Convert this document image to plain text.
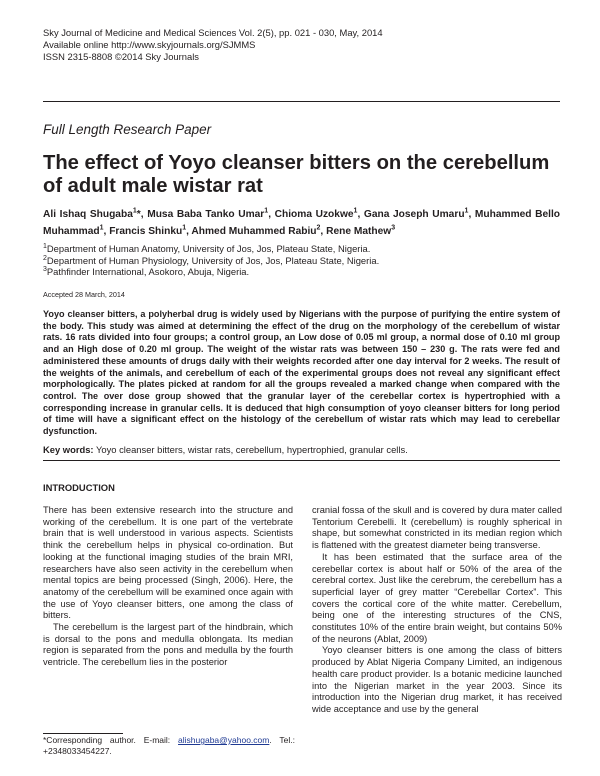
Sky Journal of Medicine and Medical Sciences Vol. 2(5), pp. 021 - 030, May, 2014
Available online http://www.skyjournals.org/SJMMS
ISSN 2315-8808 ©2014 Sky Journals
Full Length Research Paper
The effect of Yoyo cleanser bitters on the cerebellum of adult male wistar rat
Ali Ishaq Shugaba$^1$*, Musa Baba Tanko Umar$^1$, Chioma Uzokwe$^1$, Gana Joseph Umaru$^1$, Muhammed Bello Muhammad$^1$, Francis Shinku$^1$, Ahmed Muhammed Rabiu$^2$, Rene Mathew$^3$
$^1$Department of Human Anatomy, University of Jos, Jos, Plateau State, Nigeria.
$^2$Department of Human Physiology, University of Jos, Jos, Plateau State, Nigeria.
$^3$Pathfinder International, Asokoro, Abuja, Nigeria.
Accepted 28 March, 2014

Yoyo cleanser bitters, a polyherbal drug is widely used by Nigerians with the purpose of purifying the entire system of the body. This study was aimed at determining the effect of the drug on the morphology of the cerebellum of wistar rats. 16 rats divided into four groups; a control group, an Low dose of 0.05 ml group, a normal dose of 0.10 ml group and an High dose of 0.20 ml group. The weight of the wistar rats was between 150 – 230 g. The rats were fed and administered these amounts of drugs daily with their weights recorded after one day interval for 2 weeks. The result of the weights of the animals, and cerebellum of each of the experimental groups does not reveal any significant effect morphologically. The plates picked at random for all the groups revealed a marked change when compared with the control. The over dose group showed that the granular layer of the cerebellar cortex is hypertrophied with a corresponding increase in granular cells. It is deduced that high consumption of yoyo cleanser bitters for long period of time will have a significant effect on the histology of the cerebellum of wistar rats which may lead to cerebellar dysfunction.

Key words: Yoyo cleanser bitters, wistar rats, cerebellum, hypertrophied, granular cells.
INTRODUCTION

There has been extensive research into the structure and working of the cerebellum. It is one part of the vertebrate brain that is well understood in various aspects. Scientists think the cerebellum helps in physical co-ordination. But looking at the functional imaging studies of the brain MRI, researchers have also seen activity in the cerebellum when mental topics are being processed (Singh, 2006). Here, the anatomy of the cerebellum will be examined once again with the use of Yoyo cleanser bitters, one among the class of bitters.

The cerebellum is the largest part of the hindbrain, which is dorsal to the pons and medulla oblongata. Its median region is separated from the pons and medulla by the fourth ventricle. The cerebellum lies in the posterior

cranial fossa of the skull and is covered by dura mater called Tentorium Cerebelli. It (cerebellum) is roughly spherical in shape, but somewhat constricted in its median region which is flattened with the greatest diameter being transverse.

It has been estimated that the surface area of the cerebellar cortex is about half or 50% of the area of the cerebral cortex. Just like the cerebrum, the cerebellum has a superficial layer of grey matter “Cerebellar Cortex”. This covers the cortical core of the white matter. Cerebellum, being one of the interesting structures of the CNS, constitutes 10% of the entire brain weight, but contains 50% of the neurons (Ablat, 2009)

Yoyo cleanser bitters is one among the class of bitters produced by Ablat Nigeria Company Limited, an indigenous health care product provider. Is a botanic medicine launched into the Nigerian market in the year 2003. Since its introduction into the Nigerian drug market, it has received wide acceptance and use by the general

*Corresponding author. E-mail: alishugaba@yahoo.com. Tel.: +2348033454227.
